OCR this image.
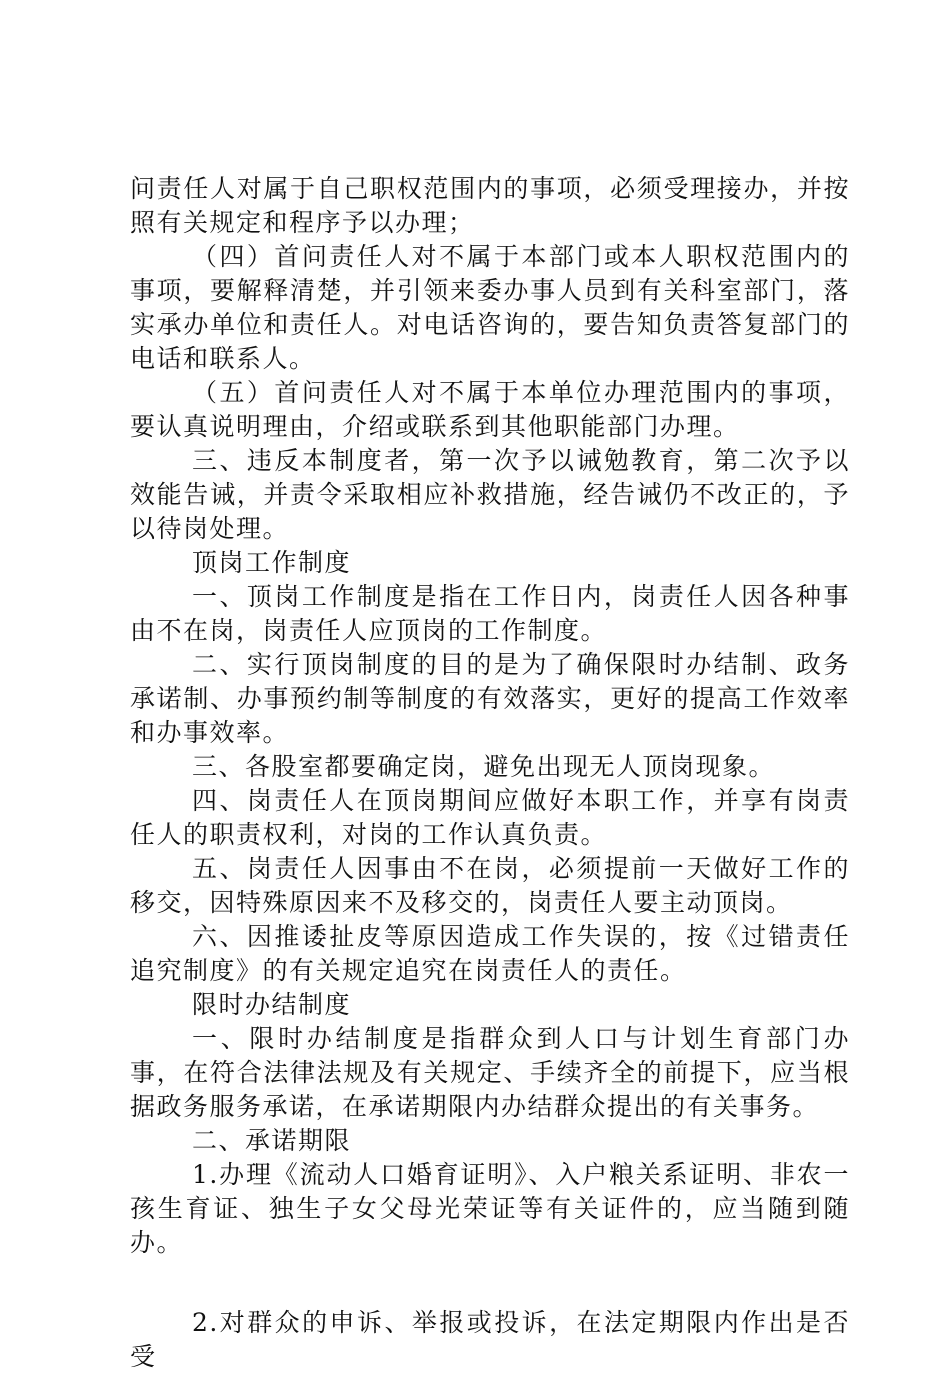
问责任人对属于自己职权范围内的事项，必须受理接办，并按照有关规定和程序予以办理；

（四）首问责任人对不属于本部门或本人职权范围内的事项，要解释清楚，并引领来委办事人员到有关科室部门，落实承办单位和责任人。对电话咨询的，要告知负责答复部门的电话和联系人。

（五）首问责任人对不属于本单位办理范围内的事项，要认真说明理由，介绍或联系到其他职能部门办理。

三、违反本制度者，第一次予以诫勉教育，第二次予以效能告诫，并责令采取相应补救措施，经告诫仍不改正的，予以待岗处理。

顶岗工作制度

一、顶岗工作制度是指在工作日内，岗责任人因各种事由不在岗，岗责任人应顶岗的工作制度。

二、实行顶岗制度的目的是为了确保限时办结制、政务承诺制、办事预约制等制度的有效落实，更好的提高工作效率和办事效率。

三、各股室都要确定岗，避免出现无人顶岗现象。

四、岗责任人在顶岗期间应做好本职工作，并享有岗责任人的职责权利，对岗的工作认真负责。

五、岗责任人因事由不在岗，必须提前一天做好工作的移交，因特殊原因来不及移交的，岗责任人要主动顶岗。

六、因推诿扯皮等原因造成工作失误的，按《过错责任追究制度》的有关规定追究在岗责任人的责任。

限时办结制度

一、限时办结制度是指群众到人口与计划生育部门办事，在符合法律法规及有关规定、手续齐全的前提下，应当根据政务服务承诺，在承诺期限内办结群众提出的有关事务。

二、承诺期限

1.办理《流动人口婚育证明》、入户粮关系证明、非农一孩生育证、独生子女父母光荣证等有关证件的，应当随到随办。

2.对群众的申诉、举报或投诉，在法定期限内作出是否受
